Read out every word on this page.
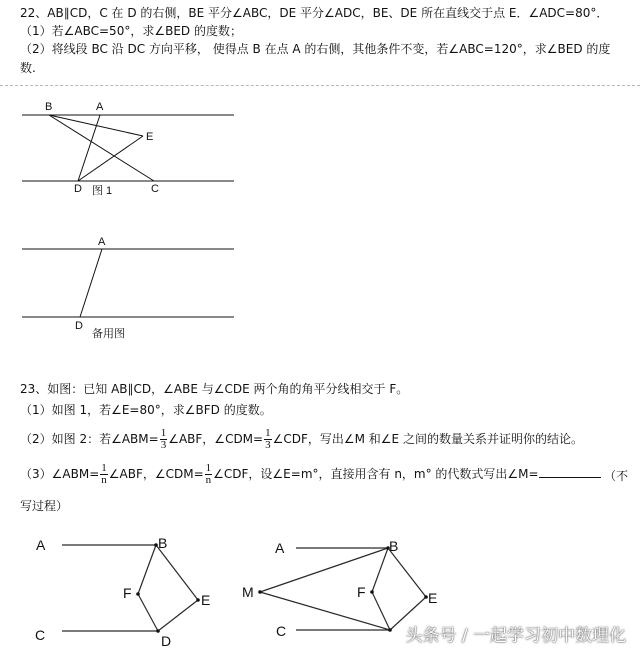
22、AB∥CD，C 在 D 的右侧，BE 平分∠ABC，DE 平分∠ADC，BE、DE 所在直线交于点 E．∠ADC=80°．
（1）若∠ABC=50°，求∠BED 的度数；
（2）将线段 BC 沿 DC 方向平移， 使得点 B 在点 A 的右侧，其他条件不变，若∠ABC=120°，求∠BED 的度
数.
B	A
E
D	C
图 1
A
D
备用图
23、如图：已知 AB∥CD，∠ABE 与∠CDE 两个角的角平分线相交于 F。
（1）如图 1，若∠E=80°，求∠BFD 的度数。
（2）如图 2：若∠ABM= $\frac{1}{3}$ ∠ABF，∠CDM= $\frac{1}{3}$ ∠CDF，写出∠M 和∠E 之间的数量关系并证明你的结论。
（3）∠ABM= $\frac{1}{n}$ ∠ABF，∠CDM= $\frac{1}{n}$ ∠CDF，设∠E=m°，直接用含有 n，m° 的代数式写出∠M=	（不
写过程）
A	B
F	E
C	D
A	B
M	F	E
C	头条号 / 一起学习初中数理化
